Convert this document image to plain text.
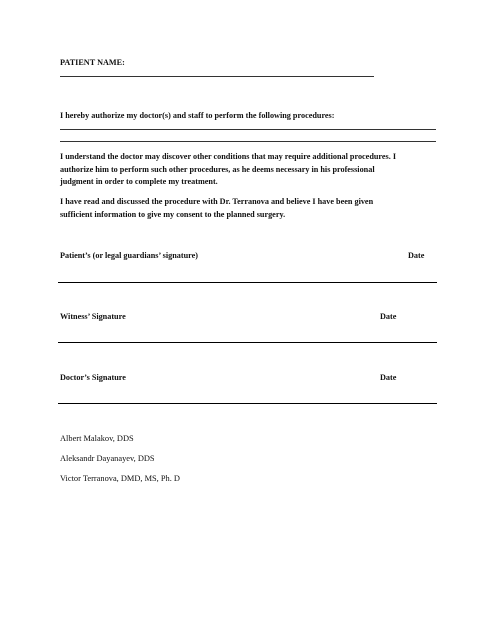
PATIENT NAME:
I hereby authorize my doctor(s) and staff to perform the following procedures:
I understand the doctor may discover other conditions that may require additional procedures. I
authorize him to perform such other procedures, as he deems necessary in his professional
judgment in order to complete my treatment.
I have read and discussed the procedure with Dr. Terranova and believe I have been given
sufficient information to give my consent to the planned surgery.
Patient’s (or legal guardians’ signature)	Date
Witness’ Signature	Date
Doctor’s Signature	Date
Albert Malakov, DDS
Aleksandr Dayanayev, DDS
Victor Terranova, DMD, MS, Ph. D
